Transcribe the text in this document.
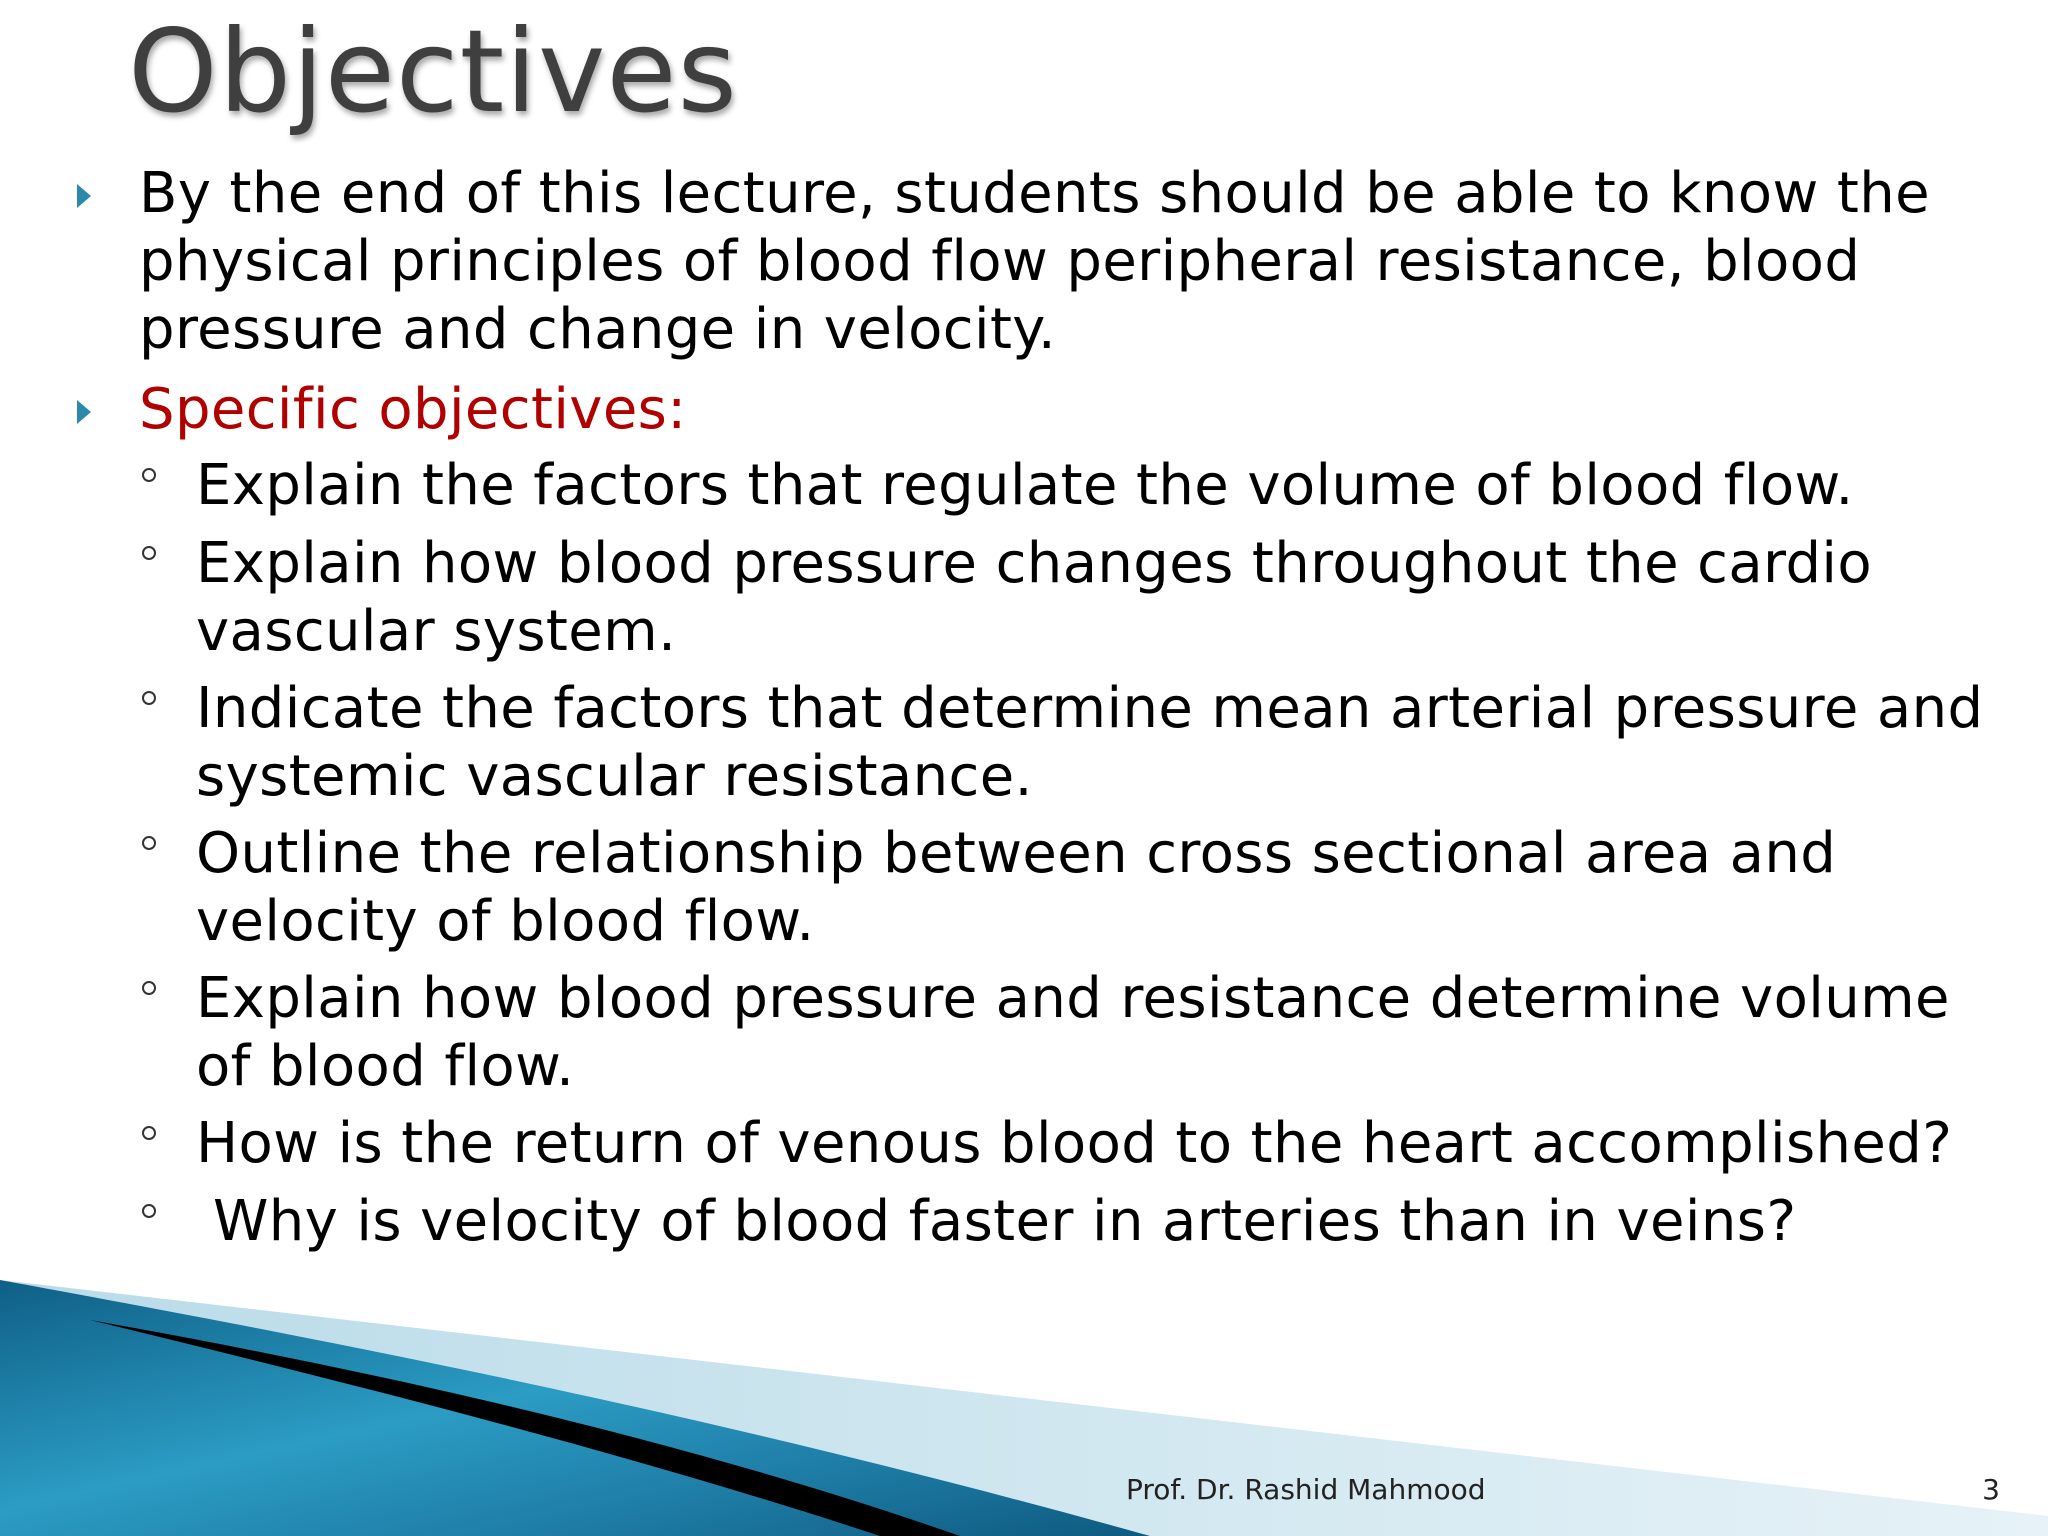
Objectives
By the end of this lecture, students should be able to know the physical principles of blood flow peripheral resistance, blood pressure and change in velocity.
Specific objectives:
Explain the factors that regulate the volume of blood flow.
Explain how blood pressure changes throughout the cardio vascular system.
Indicate the factors that determine mean arterial pressure and systemic vascular resistance.
Outline the relationship between cross sectional area and velocity of blood flow.
Explain how blood pressure and resistance determine volume of blood flow.
How is the return of venous blood to the heart accomplished?
Why is velocity of blood faster in arteries than in veins?
Prof. Dr. Rashid Mahmood	3
